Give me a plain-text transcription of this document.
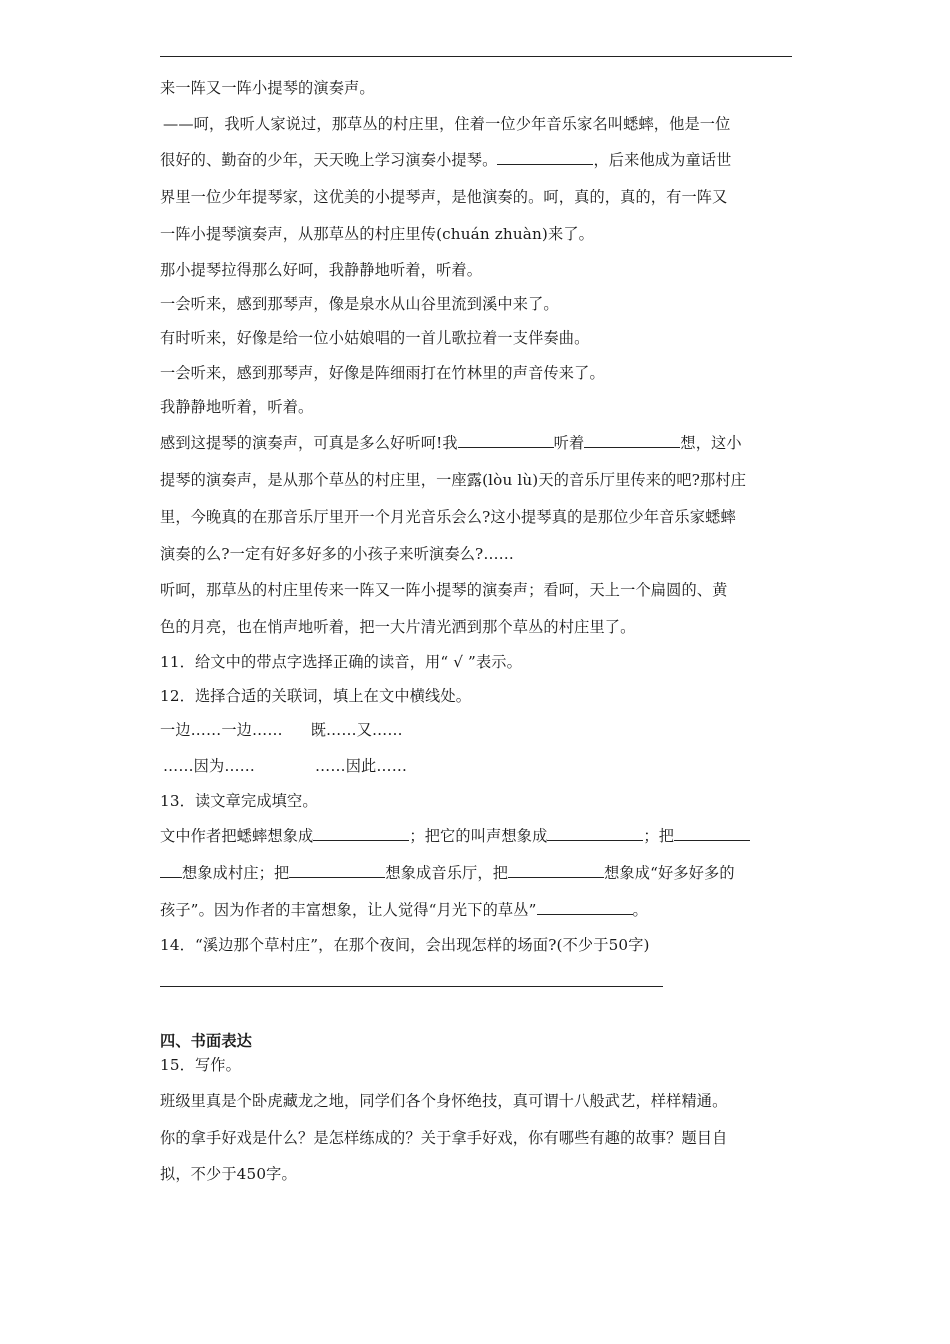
来一阵又一阵小提琴的演奏声。
——呵，我听人家说过，那草丛的村庄里，住着一位少年音乐家名叫蟋蟀，他是一位
很好的、勤奋的少年，天天晚上学习演奏小提琴。	，后来他成为童话世
界里一位少年提琴家，这优美的小提琴声，是他演奏的。呵，真的，真的，有一阵又
一阵小提琴演奏声，从那草丛的村庄里传(chuán zhuàn)来了。
那小提琴拉得那么好呵，我静静地听着，听着。
一会听来，感到那琴声，像是泉水从山谷里流到溪中来了。
有时听来，好像是给一位小姑娘唱的一首儿歌拉着一支伴奏曲。
一会听来，感到那琴声，好像是阵细雨打在竹林里的声音传来了。
我静静地听着，听着。
感到这提琴的演奏声，可真是多么好听呵!我	听着	想，这小
提琴的演奏声，是从那个草丛的村庄里，一座露(lòu lù)天的音乐厅里传来的吧?那村庄
里，今晚真的在那音乐厅里开一个月光音乐会么?这小提琴真的是那位少年音乐家蟋蟀
演奏的么?一定有好多好多的小孩子来听演奏么?……
听呵，那草丛的村庄里传来一阵又一阵小提琴的演奏声；看呵，天上一个扁圆的、黄
色的月亮，也在悄声地听着，把一大片清光洒到那个草丛的村庄里了。
11．给文中的带点字选择正确的读音，用“ √ ”表示。
12．选择合适的关联词，填上在文中横线处。
一边……一边…… 既……又……
……因为……	……因此……
13．读文章完成填空。
文中作者把蟋蟀想象成	；把它的叫声想象成	；把
想象成村庄；把	想象成音乐厅，把	想象成“好多好多的
孩子”。因为作者的丰富想象，让人觉得“月光下的草丛”	。
14．“溪边那个草村庄”，在那个夜间，会出现怎样的场面?(不少于50字)
四、书面表达
15．写作。
班级里真是个卧虎藏龙之地，同学们各个身怀绝技，真可谓十八般武艺，样样精通。
你的拿手好戏是什么？是怎样练成的？关于拿手好戏，你有哪些有趣的故事？题目自
拟，不少于450字。
